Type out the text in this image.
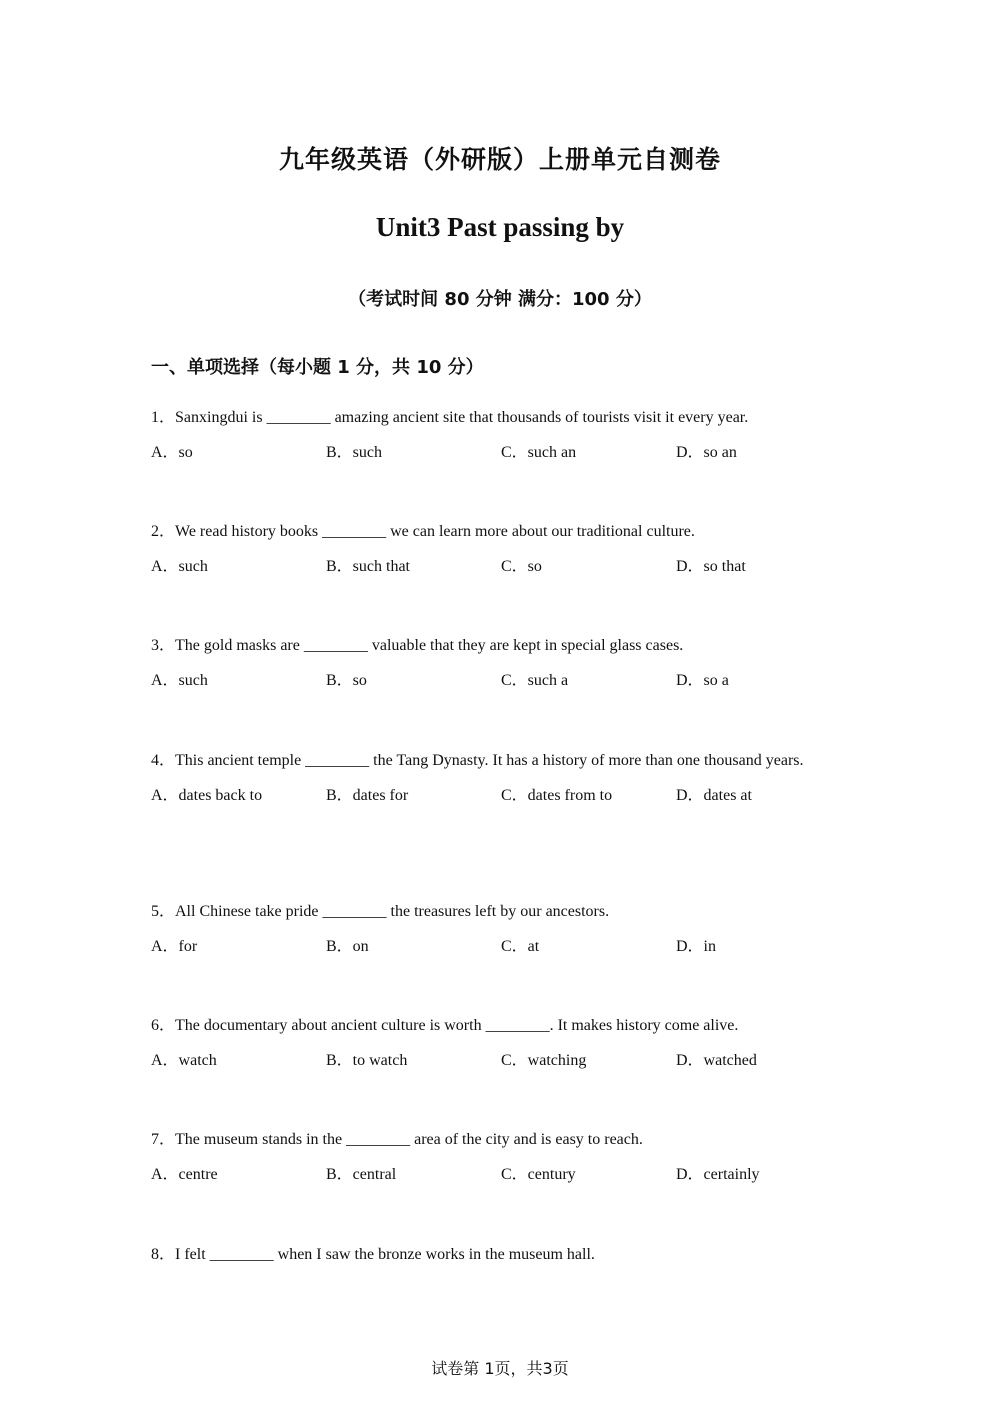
九年级英语（外研版）上册单元自测卷
Unit3 Past passing by
（考试时间 80 分钟 满分：100 分）
一、单项选择（每小题 1 分，共 10 分）

1．Sanxingdui is ________ amazing ancient site that thousands of tourists visit it every year.

A．so	B．such	C．such an	D．so an

2．We read history books ________ we can learn more about our traditional culture.

A．such	B．such that	C．so	D．so that

3．The gold masks are ________ valuable that they are kept in special glass cases.

A．such	B．so	C．such a	D．so a

4．This ancient temple ________ the Tang Dynasty. It has a history of more than one thousand years.

A．dates back to	B．dates for	C．dates from to	D．dates at

5．All Chinese take pride ________ the treasures left by our ancestors.

A．for	B．on	C．at	D．in

6．The documentary about ancient culture is worth ________. It makes history come alive.

A．watch	B．to watch	C．watching	D．watched

7．The museum stands in the ________ area of the city and is easy to reach.

A．centre	B．central	C．century	D．certainly

8．I felt ________ when I saw the bronze works in the museum hall.

试卷第 1页，共3页
